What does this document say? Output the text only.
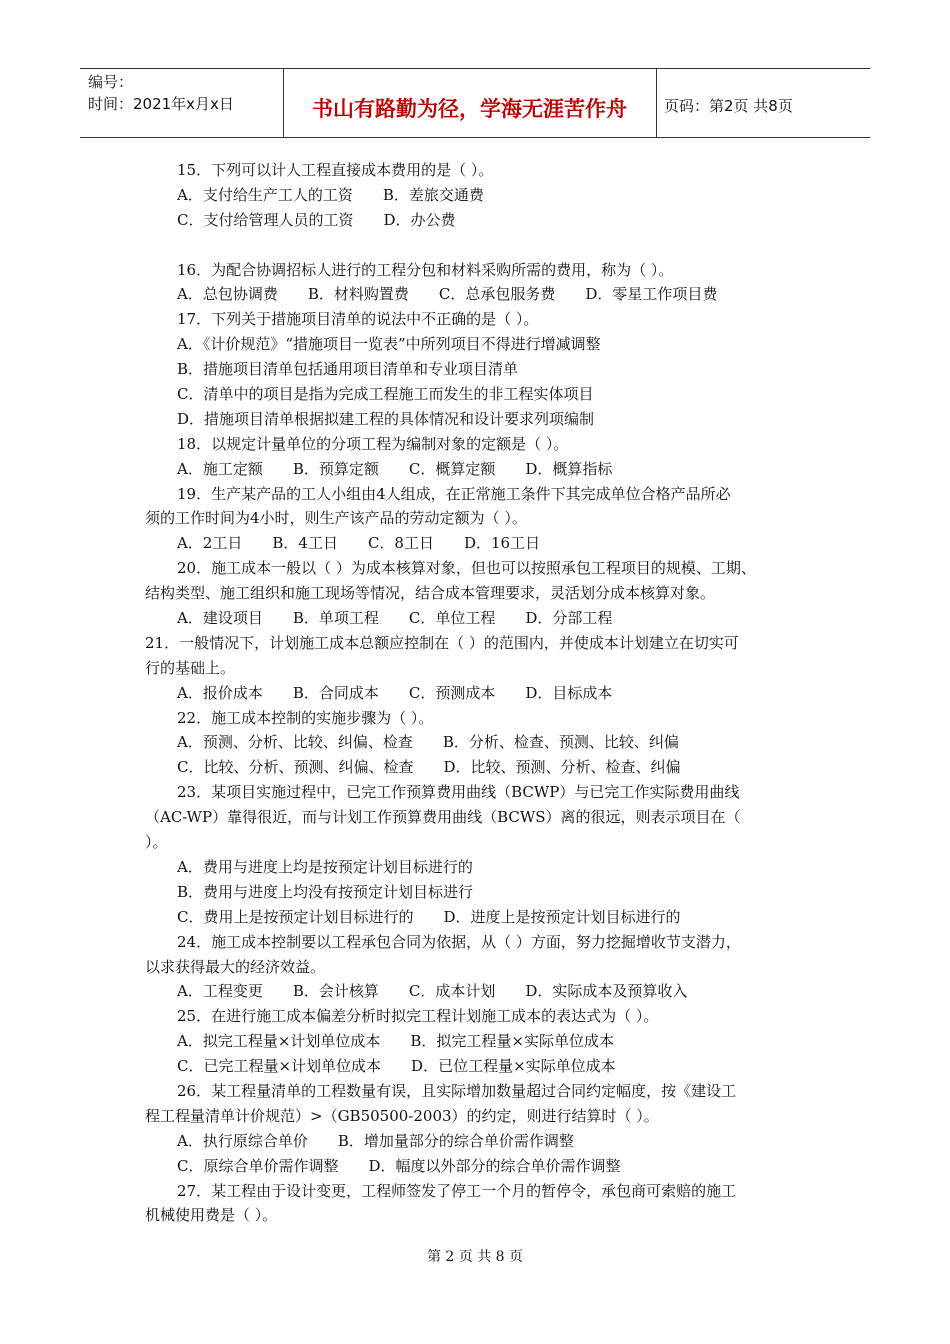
编号：
时间：2021年x月x日	书山有路勤为径，学海无涯苦作舟	页码：第2页 共8页
15．下列可以计人工程直接成本费用的是（ ）。
A．支付给生产工人的工资　　B．差旅交通费
C．支付给管理人员的工资　　D．办公费
16．为配合协调招标人进行的工程分包和材料采购所需的费用，称为（ ）。
A．总包协调费　　B．材料购置费　　C．总承包服务费　　D．零星工作项目费
17．下列关于措施项目清单的说法中不正确的是（ ）。
A．《计价规范》“措施项目一览表”中所列项目不得进行增减调整
B．措施项目清单包括通用项目清单和专业项目清单
C．清单中的项目是指为完成工程施工而发生的非工程实体项目
D．措施项目清单根据拟建工程的具体情况和设计要求列项编制
18．以规定计量单位的分项工程为编制对象的定额是（ ）。
A．施工定额　　B．预算定额　　C．概算定额　　D．概算指标
19．生产某产品的工人小组由4人组成，在正常施工条件下其完成单位合格产品所必
须的工作时间为4小时，则生产该产品的劳动定额为（ ）。
A．2工日　　B．4工日　　C．8工日　　D．16工日
20．施工成本一般以（ ）为成本核算对象，但也可以按照承包工程项目的规模、工期、
结构类型、施工组织和施工现场等情况，结合成本管理要求，灵活划分成本核算对象。
A．建设项目　　B．单项工程　　C．单位工程　　D．分部工程
21．一般情况下，计划施工成本总额应控制在（ ）的范围内，并使成本计划建立在切实可
行的基础上。
A．报价成本　　B．合同成本　　C．预测成本　　D．目标成本
22．施工成本控制的实施步骤为（ ）。
A．预测、分析、比较、纠偏、检查　　B．分析、检查、预测、比较、纠偏
C．比较、分析、预测、纠偏、检查　　D．比较、预测、分析、检查、纠偏
23．某项目实施过程中，已完工作预算费用曲线（BCWP）与已完工作实际费用曲线
（AC-WP）靠得很近，而与计划工作预算费用曲线（BCWS）离的很远，则表示项目在（
）。
A．费用与进度上均是按预定计划目标进行的
B．费用与进度上均没有按预定计划目标进行
C．费用上是按预定计划目标进行的　　D．进度上是按预定计划目标进行的
24．施工成本控制要以工程承包合同为依据，从（ ）方面，努力挖掘增收节支潜力，
以求获得最大的经济效益。
A．工程变更　　B．会计核算　　C．成本计划　　D．实际成本及预算收入
25．在进行施工成本偏差分析时拟完工程计划施工成本的表达式为（ ）。
A．拟完工程量×计划单位成本　　B．拟完工程量×实际单位成本
C．已完工程量×计划单位成本　　D．已位工程量×实际单位成本
26．某工程量清单的工程数量有误，且实际增加数量超过合同约定幅度，按《建设工
程工程量清单计价规范）>（GB50500-2003）的约定，则进行结算时（ ）。
A．执行原综合单价　　B．增加量部分的综合单价需作调整
C．原综合单价需作调整　　D．幅度以外部分的综合单价需作调整
27．某工程由于设计变更，工程师签发了停工一个月的暂停令，承包商可索赔的施工
机械使用费是（ ）。
第 2 页 共 8 页
